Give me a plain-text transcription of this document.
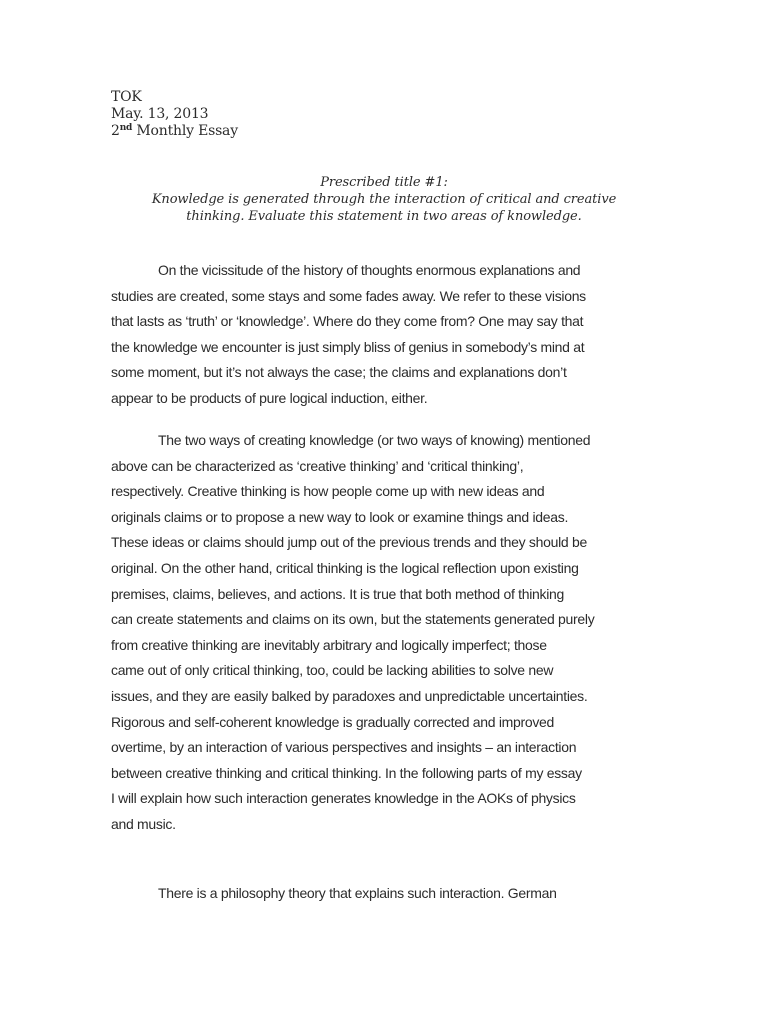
TOK
May. 13, 2013
2nd Monthly Essay
Prescribed title #1:
Knowledge is generated through the interaction of critical and creative
thinking. Evaluate this statement in two areas of knowledge.
On the vicissitude of the history of thoughts enormous explanations and
studies are created, some stays and some fades away. We refer to these visions
that lasts as ‘truth’ or ‘knowledge’. Where do they come from? One may say that
the knowledge we encounter is just simply bliss of genius in somebody’s mind at
some moment, but it’s not always the case; the claims and explanations don’t
appear to be products of pure logical induction, either.
The two ways of creating knowledge (or two ways of knowing) mentioned
above can be characterized as ‘creative thinking’ and ‘critical thinking’,
respectively. Creative thinking is how people come up with new ideas and
originals claims or to propose a new way to look or examine things and ideas.
These ideas or claims should jump out of the previous trends and they should be
original. On the other hand, critical thinking is the logical reflection upon existing
premises, claims, believes, and actions. It is true that both method of thinking
can create statements and claims on its own, but the statements generated purely
from creative thinking are inevitably arbitrary and logically imperfect; those
came out of only critical thinking, too, could be lacking abilities to solve new
issues, and they are easily balked by paradoxes and unpredictable uncertainties.
Rigorous and self-coherent knowledge is gradually corrected and improved
overtime, by an interaction of various perspectives and insights – an interaction
between creative thinking and critical thinking. In the following parts of my essay
I will explain how such interaction generates knowledge in the AOKs of physics
and music.
There is a philosophy theory that explains such interaction. German
